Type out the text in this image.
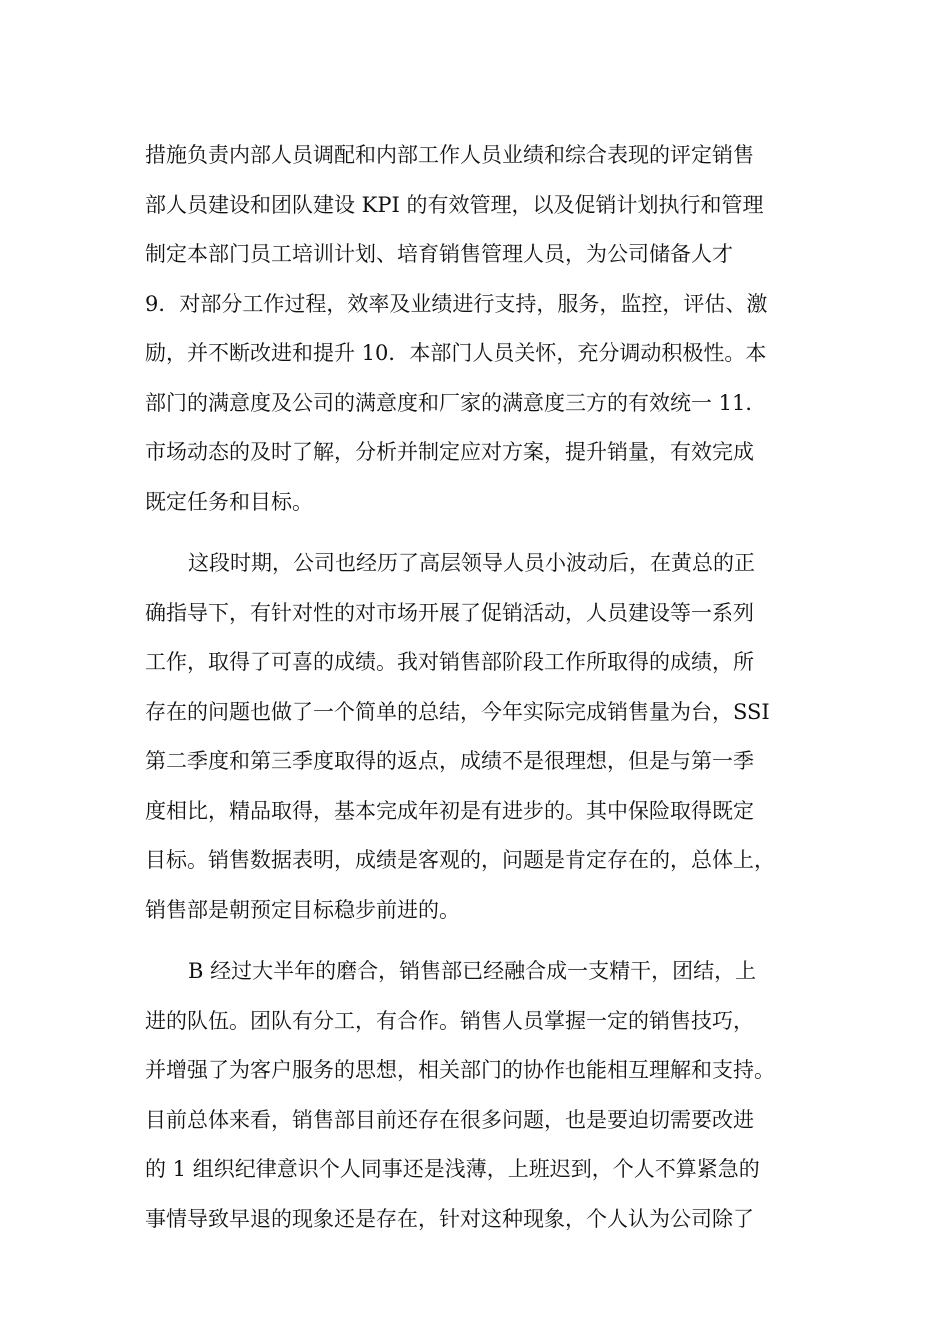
措施负责内部人员调配和内部工作人员业绩和综合表现的评定销售
部人员建设和团队建设 KPI 的有效管理，以及促销计划执行和管理
制定本部门员工培训计划、培育销售管理人员，为公司储备人才
9．对部分工作过程，效率及业绩进行支持，服务，监控，评估、激
励，并不断改进和提升 10．本部门人员关怀，充分调动积极性。本
部门的满意度及公司的满意度和厂家的满意度三方的有效统一 11．
市场动态的及时了解，分析并制定应对方案，提升销量，有效完成
既定任务和目标。
这段时期，公司也经历了高层领导人员小波动后，在黄总的正
确指导下，有针对性的对市场开展了促销活动，人员建设等一系列
工作，取得了可喜的成绩。我对销售部阶段工作所取得的成绩，所
存在的问题也做了一个简单的总结，今年实际完成销售量为台，SSI
第二季度和第三季度取得的返点，成绩不是很理想，但是与第一季
度相比，精品取得，基本完成年初是有进步的。其中保险取得既定
目标。销售数据表明，成绩是客观的，问题是肯定存在的，总体上，
销售部是朝预定目标稳步前进的。
B 经过大半年的磨合，销售部已经融合成一支精干，团结，上
进的队伍。团队有分工，有合作。销售人员掌握一定的销售技巧，
并增强了为客户服务的思想，相关部门的协作也能相互理解和支持。
目前总体来看，销售部目前还存在很多问题，也是要迫切需要改进
的 1 组织纪律意识个人同事还是浅薄，上班迟到，个人不算紧急的
事情导致早退的现象还是存在，针对这种现象，个人认为公司除了
